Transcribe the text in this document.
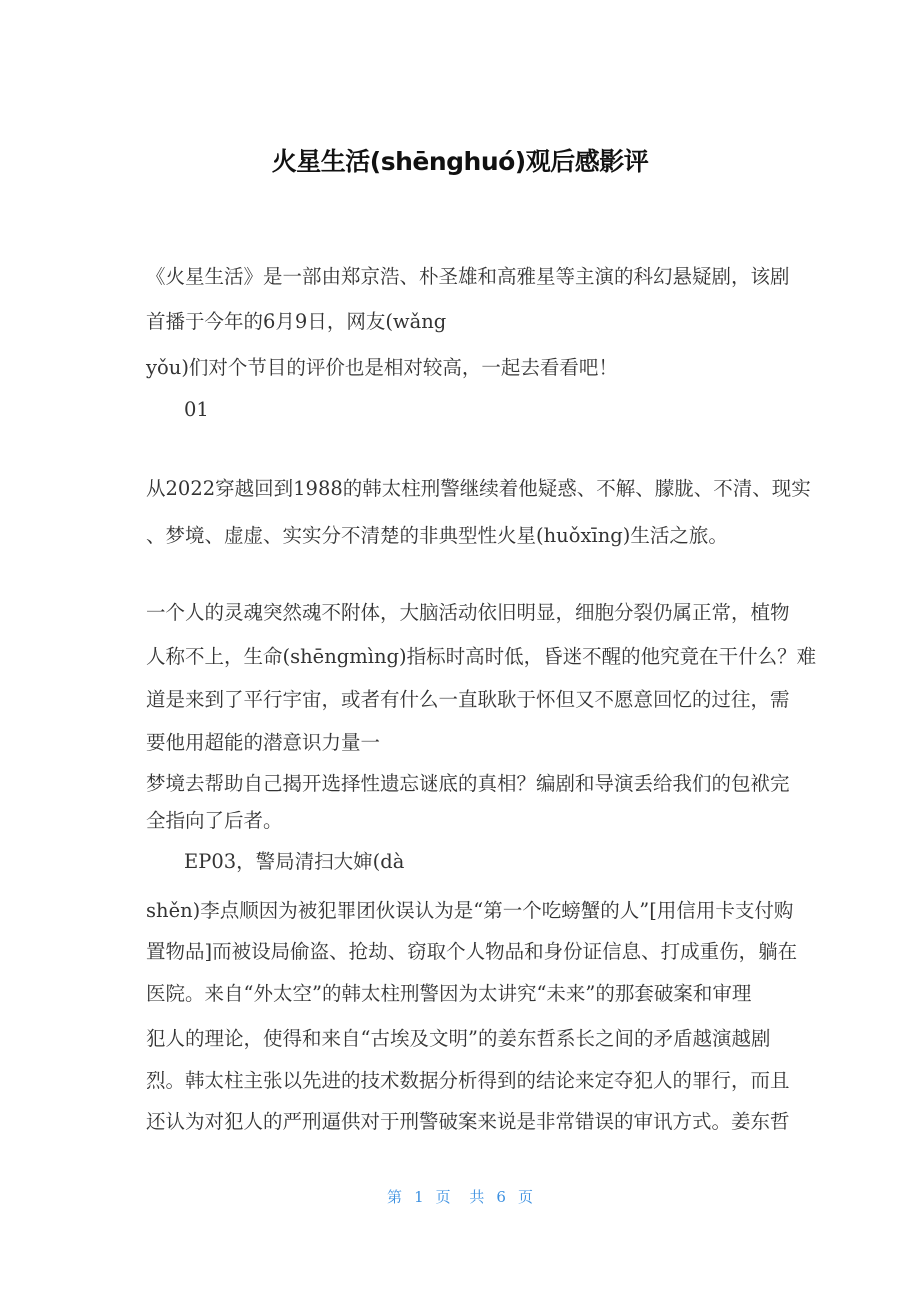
火星生活(shēnghuó)观后感影评
《火星生活》是一部由郑京浩、朴圣雄和高雅星等主演的科幻悬疑剧，该剧
首播于今年的6月9日，网友(wǎng
yǒu)们对个节目的评价也是相对较高，一起去看看吧！
01
从2022穿越回到1988的韩太柱刑警继续着他疑惑、不解、朦胧、不清、现实
、梦境、虚虚、实实分不清楚的非典型性火星(huǒxīng)生活之旅。
一个人的灵魂突然魂不附体，大脑活动依旧明显，细胞分裂仍属正常，植物
人称不上，生命(shēngmìng)指标时高时低，昏迷不醒的他究竟在干什么？难
道是来到了平行宇宙，或者有什么一直耿耿于怀但又不愿意回忆的过往，需
要他用超能的潜意识力量一
梦境去帮助自己揭开选择性遗忘谜底的真相？编剧和导演丢给我们的包袱完
全指向了后者。
EP03，警局清扫大婶(dà
shěn)李点顺因为被犯罪团伙误认为是“第一个吃螃蟹的人”[用信用卡支付购
置物品]而被设局偷盗、抢劫、窃取个人物品和身份证信息、打成重伤，躺在
医院。来自“外太空”的韩太柱刑警因为太讲究“未来”的那套破案和审理
犯人的理论，使得和来自“古埃及文明”的姜东哲系长之间的矛盾越演越剧
烈。韩太柱主张以先进的技术数据分析得到的结论来定夺犯人的罪行，而且
还认为对犯人的严刑逼供对于刑警破案来说是非常错误的审讯方式。姜东哲
第 1 页 共 6 页
